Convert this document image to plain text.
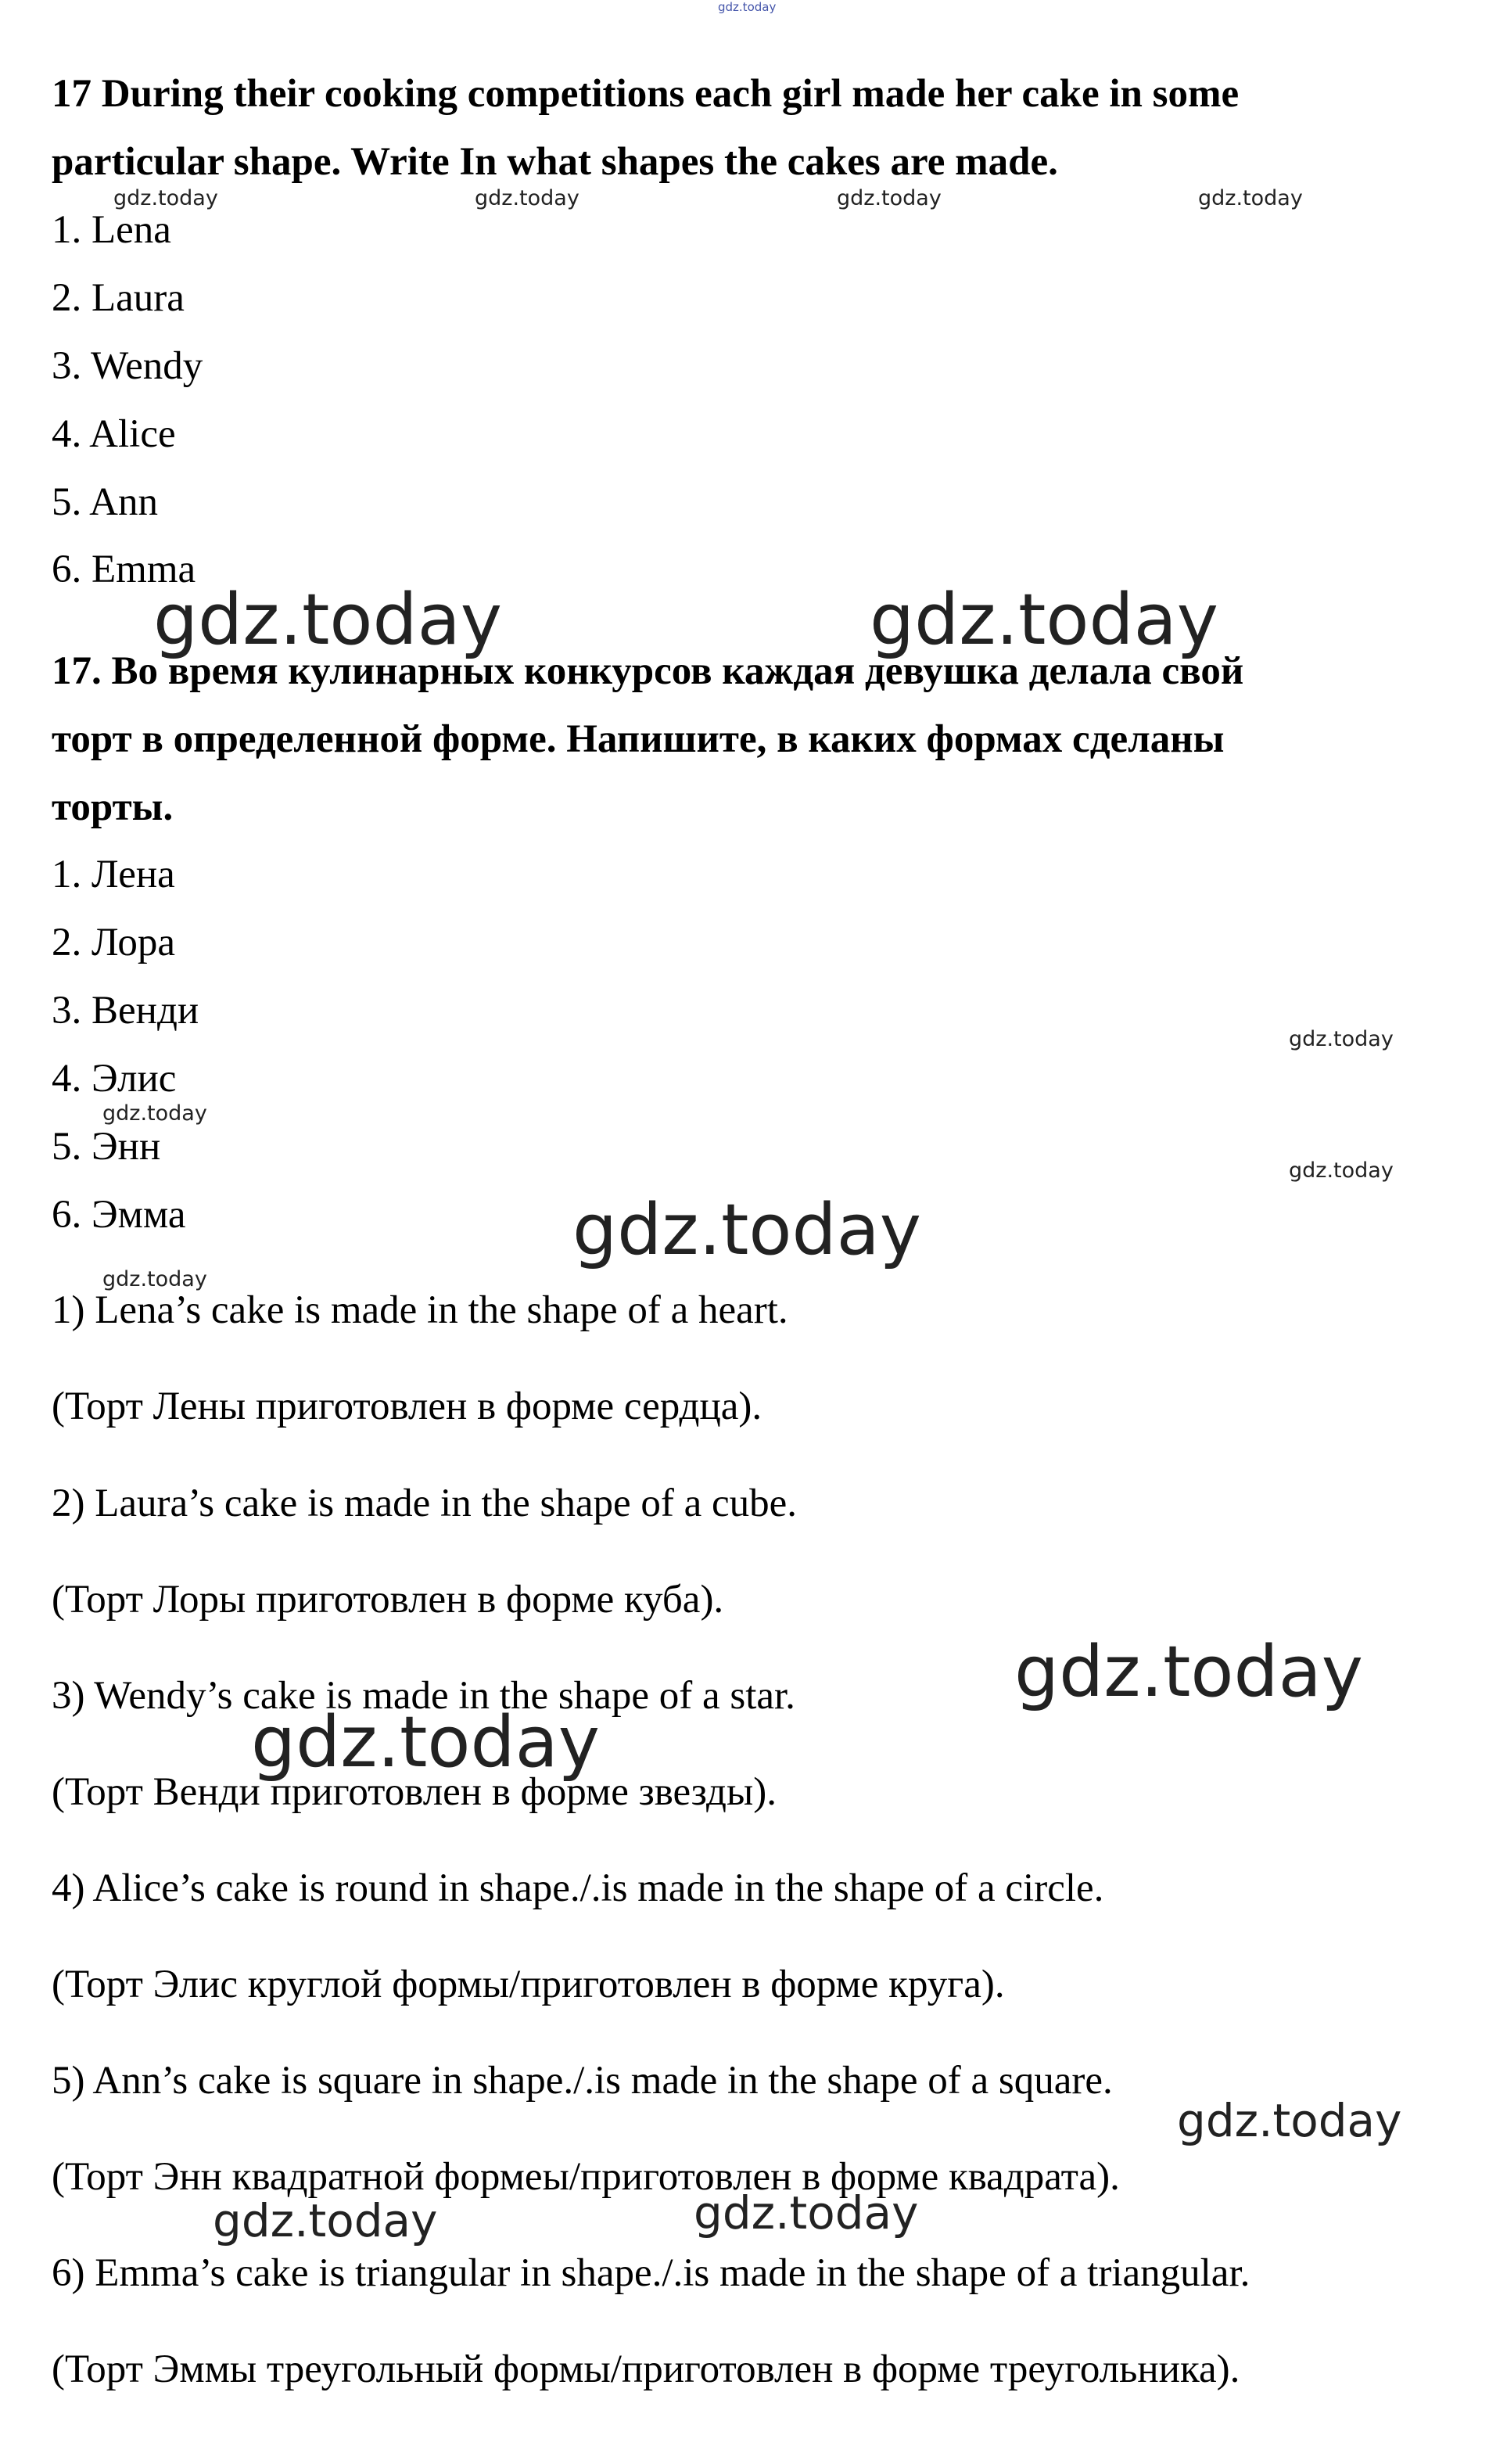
17 During their cooking competitions each girl made her cake in some

particular shape. Write In what shapes the cakes are made.

1. Lena

2. Laura

3. Wendy

4. Alice

5. Ann

6. Emma

17. Во время кулинарных конкурсов каждая девушка делала свой

торт в определенной форме. Напишите, в каких формах сделаны

торты.

1. Лена

2. Лора

3. Венди

4. Элис

5. Энн

6. Эмма

1) Lena’s cake is made in the shape of a heart.

(Торт Лены приготовлен в форме сердца).

2) Laura’s cake is made in the shape of a cube.

(Торт Лоры приготовлен в форме куба).

3) Wendy’s cake is made in the shape of a star.

(Торт Венди приготовлен в форме звезды).

4) Alice’s cake is round in shape./.is made in the shape of a circle.

(Торт Элис круглой формы/приготовлен в форме круга).

5) Ann’s cake is square in shape./.is made in the shape of a square.

(Торт Энн квадратной формеы/приготовлен в форме квадрата).

6) Emma’s cake is triangular in shape./.is made in the shape of a triangular.

(Торт Эммы треугольный формы/приготовлен в форме треугольника).

gdz.today
gdz.today	gdz.today	gdz.today	gdz.today
gdz.today	gdz.today
gdz.today
gdz.today
gdz.today
gdz.today
gdz.today
gdz.today
gdz.today
gdz.today
gdz.today	gdz.today
